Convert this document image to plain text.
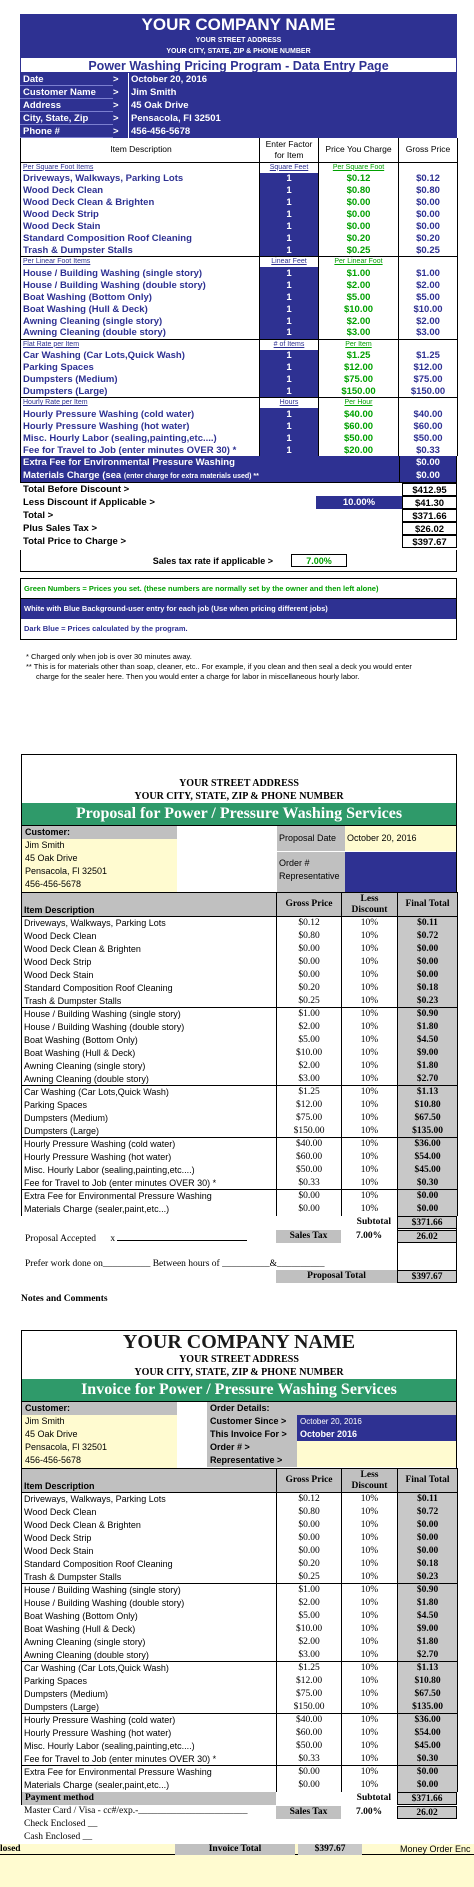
YOUR COMPANY NAME
YOUR STREET ADDRESS
YOUR CITY, STATE, ZIP & PHONE NUMBER
Power Washing Pricing Program - Data Entry Page
Date	>	October 20, 2016
Customer Name	>	Jim Smith
Address	>	45 Oak Drive
City, State, Zip	>	Pensacola, Fl 32501
Phone #	>	456-456-5678
Item Description	Enter Factor for Item	Price You Charge	Gross Price
Per Square Foot Items	Square Feet	Per Square Foot	
Driveways, Walkways, Parking Lots	1	$0.12	$0.12
Wood Deck Clean	1	$0.80	$0.80
Wood Deck Clean & Brighten	1	$0.00	$0.00
Wood Deck Strip	1	$0.00	$0.00
Wood Deck Stain	1	$0.00	$0.00
Standard Composition Roof Cleaning	1	$0.20	$0.20
Trash & Dumpster Stalls	1	$0.25	$0.25
Per Linear Foot Items	Linear Feet	Per Linear Foot	
House / Building Washing (single story)	1	$1.00	$1.00
House / Building Washing (double story)	1	$2.00	$2.00
Boat Washing (Bottom Only)	1	$5.00	$5.00
Boat Washing (Hull & Deck)	1	$10.00	$10.00
Awning Cleaning (single story)	1	$2.00	$2.00
Awning Cleaning (double story)	1	$3.00	$3.00
Flat Rate per Item	# of Items	Per Item	
Car Washing (Car Lots,Quick Wash)	1	$1.25	$1.25
Parking Spaces	1	$12.00	$12.00
Dumpsters (Medium)	1	$75.00	$75.00
Dumpsters (Large)	1	$150.00	$150.00
Hourly Rate per Item	Hours	Per Hour	
Hourly Pressure Washing (cold water)	1	$40.00	$40.00
Hourly Pressure Washing (hot water)	1	$60.00	$60.00
Misc. Hourly Labor (sealing,painting,etc....)	1	$50.00	$50.00
Fee for Travel to Job (enter minutes OVER 30) *	1	$20.00	$0.33
Extra Fee for Environmental Pressure Washing	$0.00
Materials Charge (sea (enter charge for extra materials used) **	$0.00
Total Before Discount >	$412.95
Less Discount if Applicable >	10.00%	$41.30
Total >	$371.66
Plus Sales Tax >	$26.02
Total Price to Charge >	$397.67
Sales tax rate if applicable >	7.00%
Green Numbers = Prices you set. (these numbers are normally set by the owner and then left alone)
White with Blue Background-user entry for each job (Use when pricing different jobs)
Dark Blue = Prices calculated by the program.
* Charged only when job is over 30 minutes away.
** This is for materials other than soap, cleaner, etc.. For example, if you clean and then seal a deck you would enter
charge for the sealer here. Then you would enter a charge for labor in miscellaneous hourly labor.
YOUR COMPANY NAME
YOUR STREET ADDRESS
YOUR CITY, STATE, ZIP & PHONE NUMBER
Proposal for Power / Pressure Washing Services
Customer:
Jim Smith
45 Oak Drive
Pensacola, Fl 32501
456-456-5678
Proposal Date	October 20, 2016
Order #
Representative
Item Description	Gross Price	Less Discount	Final Total
Driveways, Walkways, Parking Lots	$0.12	10%	$0.11
Wood Deck Clean	$0.80	10%	$0.72
Wood Deck Clean & Brighten	$0.00	10%	$0.00
Wood Deck Strip	$0.00	10%	$0.00
Wood Deck Stain	$0.00	10%	$0.00
Standard Composition Roof Cleaning	$0.20	10%	$0.18
Trash & Dumpster Stalls	$0.25	10%	$0.23
House / Building Washing (single story)	$1.00	10%	$0.90
House / Building Washing (double story)	$2.00	10%	$1.80
Boat Washing (Bottom Only)	$5.00	10%	$4.50
Boat Washing (Hull & Deck)	$10.00	10%	$9.00
Awning Cleaning (single story)	$2.00	10%	$1.80
Awning Cleaning (double story)	$3.00	10%	$2.70
Car Washing (Car Lots,Quick Wash)	$1.25	10%	$1.13
Parking Spaces	$12.00	10%	$10.80
Dumpsters (Medium)	$75.00	10%	$67.50
Dumpsters (Large)	$150.00	10%	$135.00
Hourly Pressure Washing (cold water)	$40.00	10%	$36.00
Hourly Pressure Washing (hot water)	$60.00	10%	$54.00
Misc. Hourly Labor (sealing,painting,etc....)	$50.00	10%	$45.00
Fee for Travel to Job (enter minutes OVER 30) *	$0.33	10%	$0.30
Extra Fee for Environmental Pressure Washing	$0.00	10%	$0.00
Materials Charge (sealer,paint,etc...)	$0.00	10%	$0.00
Subtotal	$371.66
Proposal Accepted x	Sales Tax	7.00%	26.02
Prefer work done on__________ Between hours of __________&__________
Proposal Total	$397.67
Notes and Comments
YOUR COMPANY NAME
YOUR STREET ADDRESS
YOUR CITY, STATE, ZIP & PHONE NUMBER
Invoice for Power / Pressure Washing Services
Customer:
Jim Smith
45 Oak Drive
Pensacola, Fl 32501
456-456-5678
Order Details:
Customer Since >	October 20, 2016
This Invoice For >	October 2016
Order # >
Representative >
Item Description	Gross Price	Less Discount	Final Total
Driveways, Walkways, Parking Lots	$0.12	10%	$0.11
Wood Deck Clean	$0.80	10%	$0.72
Wood Deck Clean & Brighten	$0.00	10%	$0.00
Wood Deck Strip	$0.00	10%	$0.00
Wood Deck Stain	$0.00	10%	$0.00
Standard Composition Roof Cleaning	$0.20	10%	$0.18
Trash & Dumpster Stalls	$0.25	10%	$0.23
House / Building Washing (single story)	$1.00	10%	$0.90
House / Building Washing (double story)	$2.00	10%	$1.80
Boat Washing (Bottom Only)	$5.00	10%	$4.50
Boat Washing (Hull & Deck)	$10.00	10%	$9.00
Awning Cleaning (single story)	$2.00	10%	$1.80
Awning Cleaning (double story)	$3.00	10%	$2.70
Car Washing (Car Lots,Quick Wash)	$1.25	10%	$1.13
Parking Spaces	$12.00	10%	$10.80
Dumpsters (Medium)	$75.00	10%	$67.50
Dumpsters (Large)	$150.00	10%	$135.00
Hourly Pressure Washing (cold water)	$40.00	10%	$36.00
Hourly Pressure Washing (hot water)	$60.00	10%	$54.00
Misc. Hourly Labor (sealing,painting,etc....)	$50.00	10%	$45.00
Fee for Travel to Job (enter minutes OVER 30) *	$0.33	10%	$0.30
Extra Fee for Environmental Pressure Washing	$0.00	10%	$0.00
Materials Charge (sealer,paint,etc...)	$0.00	10%	$0.00
Payment method	Subtotal	$371.66
Master Card / Visa - cc#/exp.-_______________________	Sales Tax	7.00%	26.02
Check Enclosed __
Cash Enclosed __
losed	Invoice Total	$397.67	Money Order Enc
